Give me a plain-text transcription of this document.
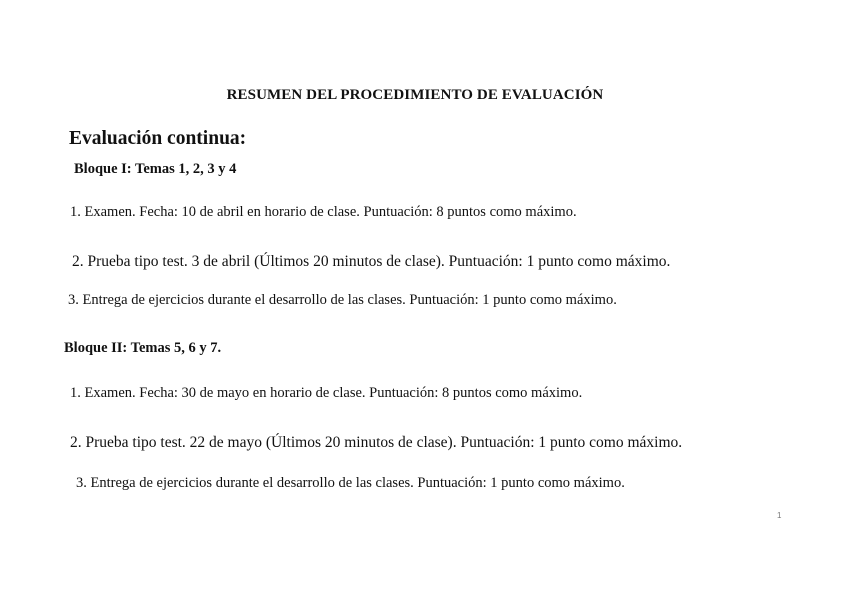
RESUMEN DEL PROCEDIMIENTO DE EVALUACIÓN
Evaluación continua:
Bloque I: Temas 1, 2, 3 y 4
1. Examen. Fecha: 10 de abril en horario de clase. Puntuación: 8 puntos como máximo.
2. Prueba tipo test. 3 de abril (Últimos 20 minutos de clase). Puntuación: 1 punto como máximo.
3. Entrega de ejercicios durante el desarrollo de las clases. Puntuación: 1 punto como máximo.
Bloque II: Temas 5, 6 y 7.
1. Examen. Fecha: 30 de mayo en horario de clase. Puntuación: 8 puntos como máximo.
2. Prueba tipo test. 22 de mayo (Últimos 20 minutos de clase). Puntuación: 1 punto como máximo.
3. Entrega de ejercicios durante el desarrollo de las clases. Puntuación: 1 punto como máximo.
1
